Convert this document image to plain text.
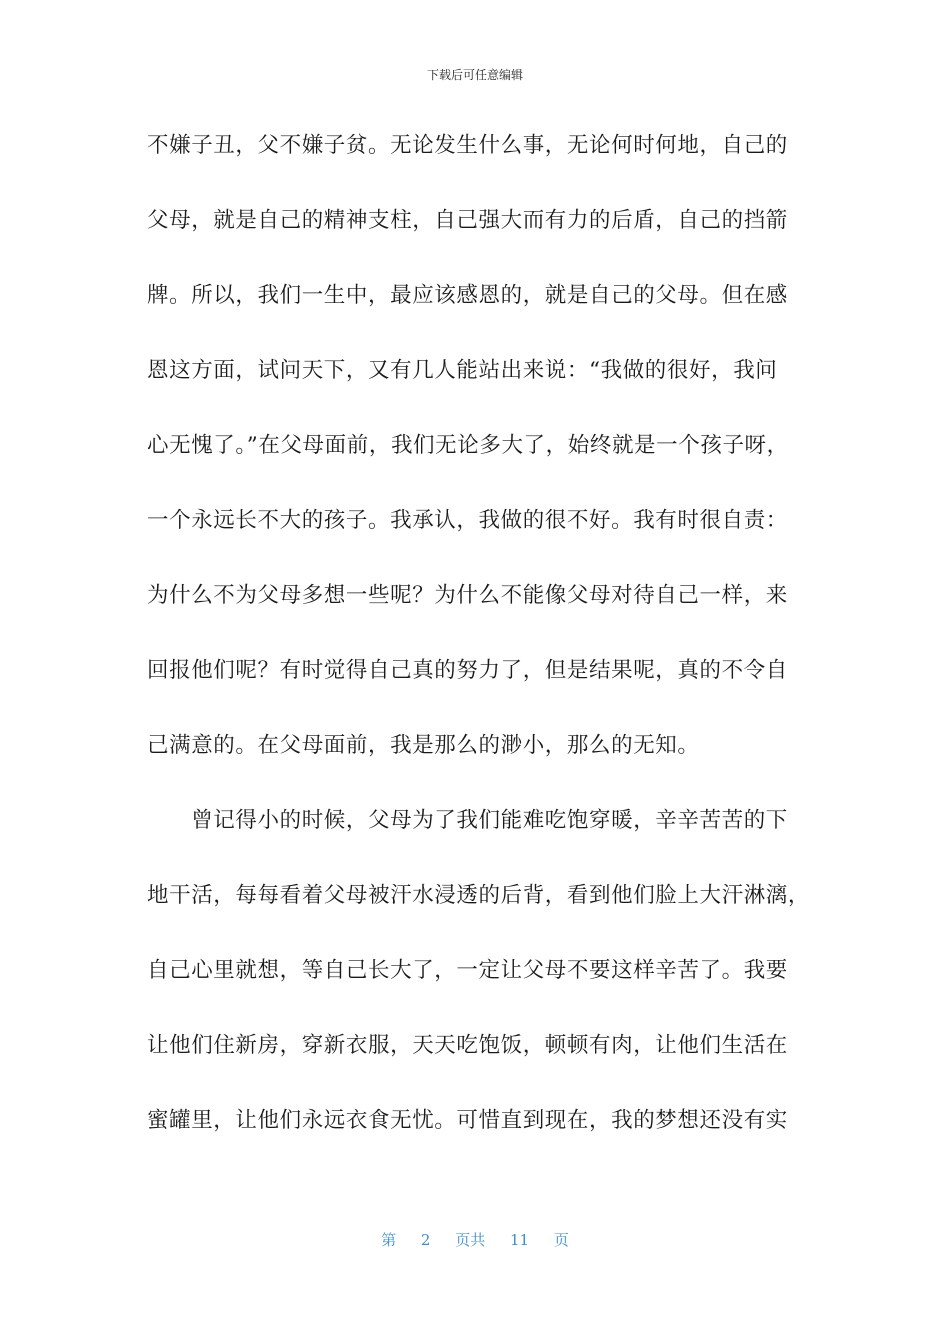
下载后可任意编辑
不嫌子丑，父不嫌子贫。无论发生什么事，无论何时何地，自己的
父母，就是自己的精神支柱，自己强大而有力的后盾，自己的挡箭
牌。所以，我们一生中，最应该感恩的，就是自己的父母。但在感
恩这方面，试问天下，又有几人能站出来说：“我做的很好，我问
心无愧了。”在父母面前，我们无论多大了，始终就是一个孩子呀，
一个永远长不大的孩子。我承认，我做的很不好。我有时很自责：
为什么不为父母多想一些呢？为什么不能像父母对待自己一样，来
回报他们呢？有时觉得自己真的努力了，但是结果呢，真的不令自
己满意的。在父母面前，我是那么的渺小，那么的无知。
　　曾记得小的时候，父母为了我们能难吃饱穿暖，辛辛苦苦的下
地干活，每每看着父母被汗水浸透的后背，看到他们脸上大汗淋漓，
自己心里就想，等自己长大了，一定让父母不要这样辛苦了。我要
让他们住新房，穿新衣服，天天吃饱饭，顿顿有肉，让他们生活在
蜜罐里，让他们永远衣食无忧。可惜直到现在，我的梦想还没有实
第 2 页共 11 页
